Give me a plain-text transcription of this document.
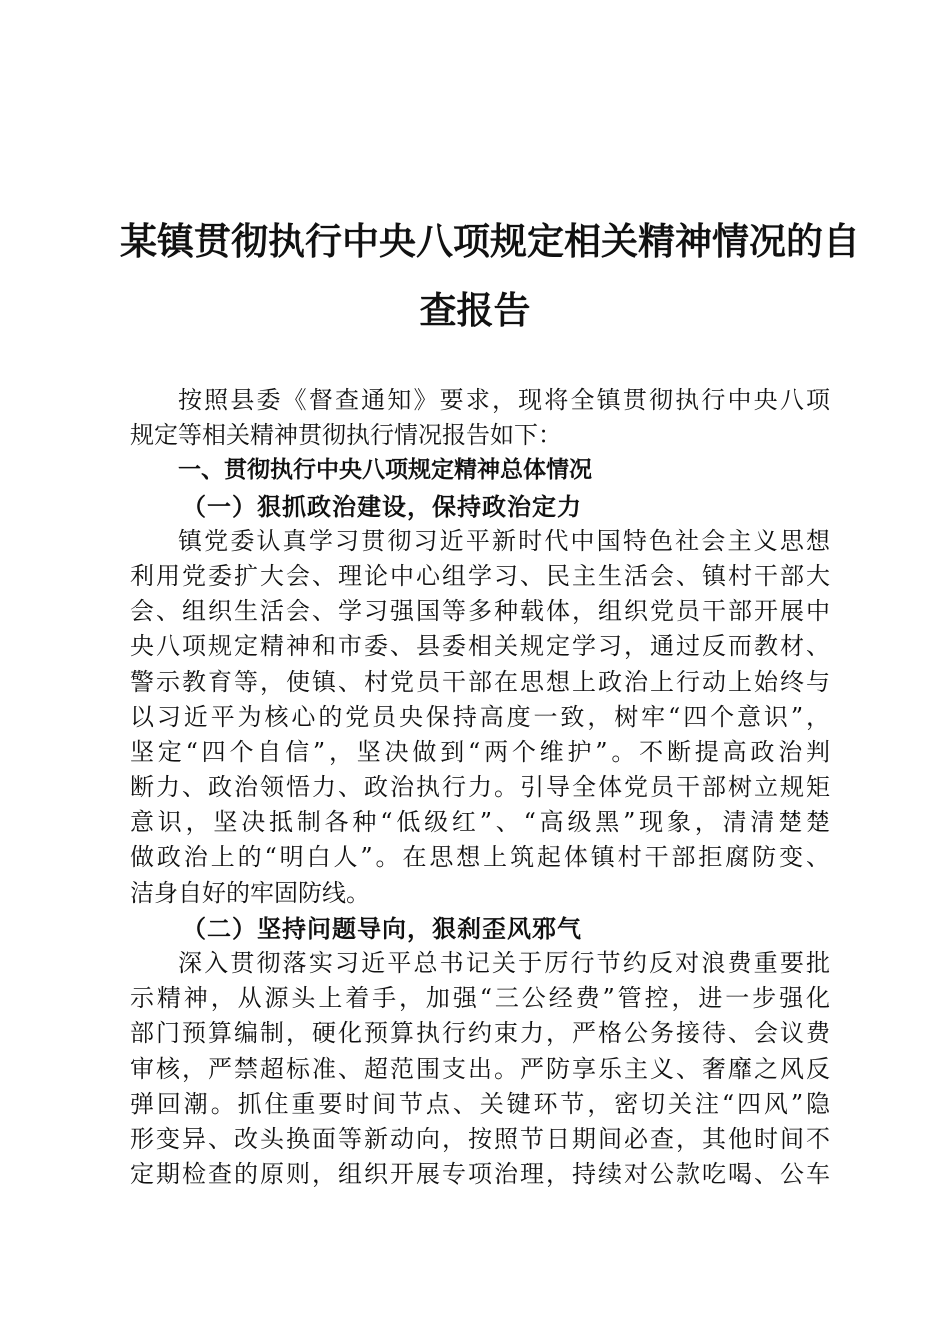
某镇贯彻执行中央八项规定相关精神情况的自
查报告
按照县委《督查通知》要求，现将全镇贯彻执行中央八项
规定等相关精神贯彻执行情况报告如下：
一、贯彻执行中央八项规定精神总体情况
（一）狠抓政治建设，保持政治定力
镇党委认真学习贯彻习近平新时代中国特色社会主义思想
利用党委扩大会、理论中心组学习、民主生活会、镇村干部大
会、组织生活会、学习强国等多种载体，组织党员干部开展中
央八项规定精神和市委、县委相关规定学习，通过反而教材、
警示教育等，使镇、村党员干部在思想上政治上行动上始终与
以习近平为核心的党员央保持高度一致，树牢“四个意识”，
坚定“四个自信”，坚决做到“两个维护”。不断提高政治判
断力、政治领悟力、政治执行力。引导全体党员干部树立规矩
意识，坚决抵制各种“低级红”、“高级黑”现象，清清楚楚
做政治上的“明白人”。在思想上筑起体镇村干部拒腐防变、
洁身自好的牢固防线。
（二）坚持问题导向，狠刹歪风邪气
深入贯彻落实习近平总书记关于厉行节约反对浪费重要批
示精神，从源头上着手，加强“三公经费”管控，进一步强化
部门预算编制，硬化预算执行约束力，严格公务接待、会议费
审核，严禁超标准、超范围支出。严防享乐主义、奢靡之风反
弹回潮。抓住重要时间节点、关键环节，密切关注“四风”隐
形变异、改头换面等新动向，按照节日期间必查，其他时间不
定期检查的原则，组织开展专项治理，持续对公款吃喝、公车
